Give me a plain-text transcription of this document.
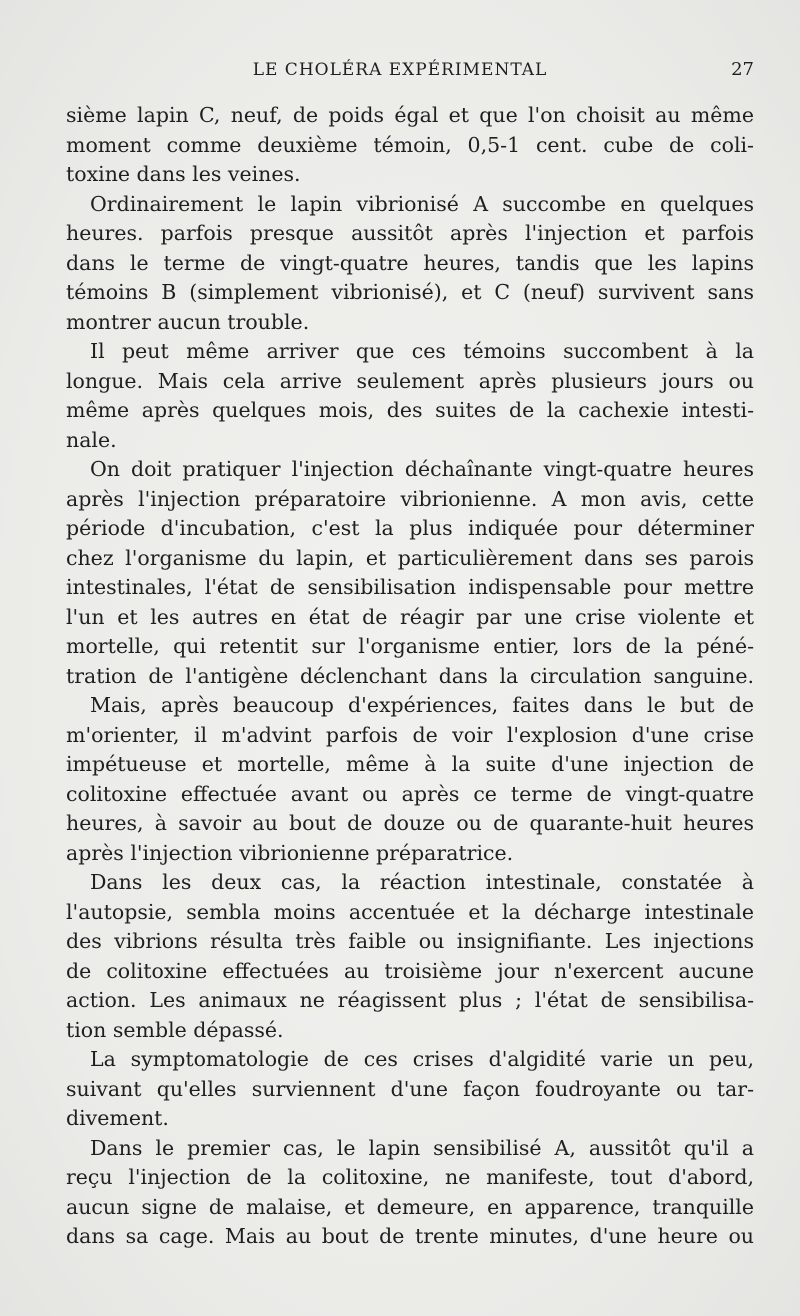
LE CHOLÉRA EXPÉRIMENTAL	27
sième lapin C, neuf, de poids égal et que l'on choisit au même
moment comme deuxième témoin, 0,5-1 cent. cube de coli-
toxine dans les veines.
Ordinairement le lapin vibrionisé A succombe en quelques
heures. parfois presque aussitôt après l'injection et parfois
dans le terme de vingt-quatre heures, tandis que les lapins
témoins B (simplement vibrionisé), et C (neuf) survivent sans
montrer aucun trouble.
Il peut même arriver que ces témoins succombent à la
longue. Mais cela arrive seulement après plusieurs jours ou
même après quelques mois, des suites de la cachexie intesti-
nale.
On doit pratiquer l'injection déchaînante vingt-quatre heures
après l'injection préparatoire vibrionienne. A mon avis, cette
période d'incubation, c'est la plus indiquée pour déterminer
chez l'organisme du lapin, et particulièrement dans ses parois
intestinales, l'état de sensibilisation indispensable pour mettre
l'un et les autres en état de réagir par une crise violente et
mortelle, qui retentit sur l'organisme entier, lors de la péné-
tration de l'antigène déclenchant dans la circulation sanguine.
Mais, après beaucoup d'expériences, faites dans le but de
m'orienter, il m'advint parfois de voir l'explosion d'une crise
impétueuse et mortelle, même à la suite d'une injection de
colitoxine effectuée avant ou après ce terme de vingt-quatre
heures, à savoir au bout de douze ou de quarante-huit heures
après l'injection vibrionienne préparatrice.
Dans les deux cas, la réaction intestinale, constatée à
l'autopsie, sembla moins accentuée et la décharge intestinale
des vibrions résulta très faible ou insignifiante. Les injections
de colitoxine effectuées au troisième jour n'exercent aucune
action. Les animaux ne réagissent plus ; l'état de sensibilisa-
tion semble dépassé.
La symptomatologie de ces crises d'algidité varie un peu,
suivant qu'elles surviennent d'une façon foudroyante ou tar-
divement.
Dans le premier cas, le lapin sensibilisé A, aussitôt qu'il a
reçu l'injection de la colitoxine, ne manifeste, tout d'abord,
aucun signe de malaise, et demeure, en apparence, tranquille
dans sa cage. Mais au bout de trente minutes, d'une heure ou
